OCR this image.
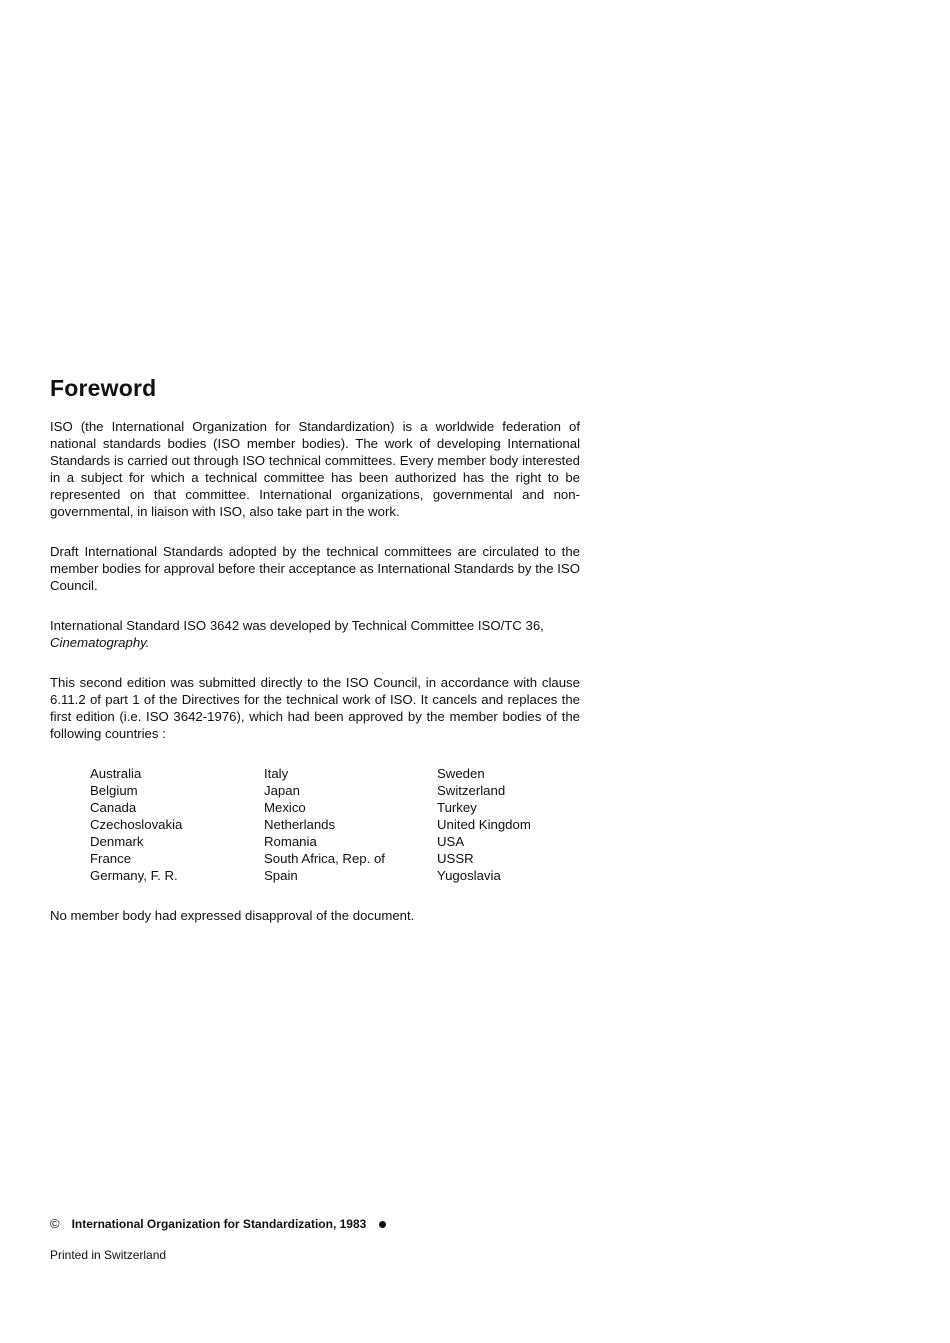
Foreword

ISO (the International Organization for Standardization) is a worldwide federation of national standards bodies (ISO member bodies). The work of developing International Standards is carried out through ISO technical committees. Every member body interested in a subject for which a technical committee has been authorized has the right to be represented on that committee. International organizations, governmental and non-governmental, in liaison with ISO, also take part in the work.

Draft International Standards adopted by the technical committees are circulated to the member bodies for approval before their acceptance as International Standards by the ISO Council.

International Standard ISO 3642 was developed by Technical Committee ISO/TC 36,
Cinematography.

This second edition was submitted directly to the ISO Council, in accordance with clause 6.11.2 of part 1 of the Directives for the technical work of ISO. It cancels and replaces the first edition (i.e. ISO 3642-1976), which had been approved by the member bodies of the following countries :

Australia
Belgium
Canada
Czechoslovakia
Denmark
France
Germany, F. R.
Italy
Japan
Mexico
Netherlands
Romania
South Africa, Rep. of
Spain
Sweden
Switzerland
Turkey
United Kingdom
USA
USSR
Yugoslavia

No member body had expressed disapproval of the document.

© International Organization for Standardization, 1983
Printed in Switzerland
